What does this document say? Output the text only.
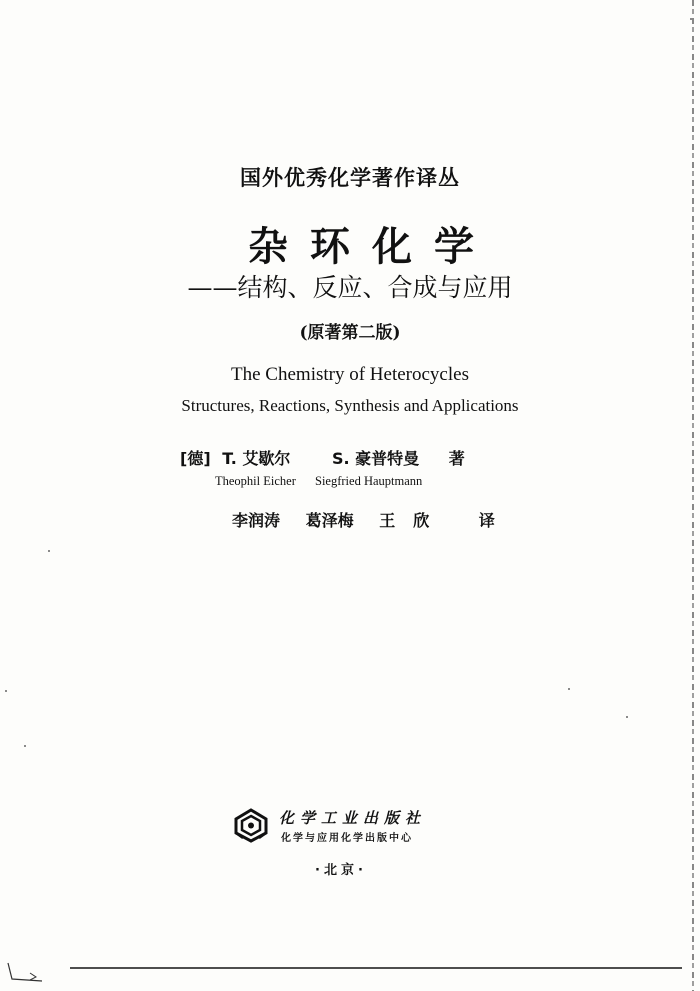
国外优秀化学著作译丛
杂环化学
——结构、反应、合成与应用
(原著第二版)
The Chemistry of Heterocycles
Structures, Reactions, Synthesis and Applications
[德] T. 艾歇尔	S. 豪普特曼 著
Theophil Eicher Siegfried Hauptmann
李润涛 葛泽梅 王欣 译
化学工业出版社
化学与应用化学出版中心
·北京·
